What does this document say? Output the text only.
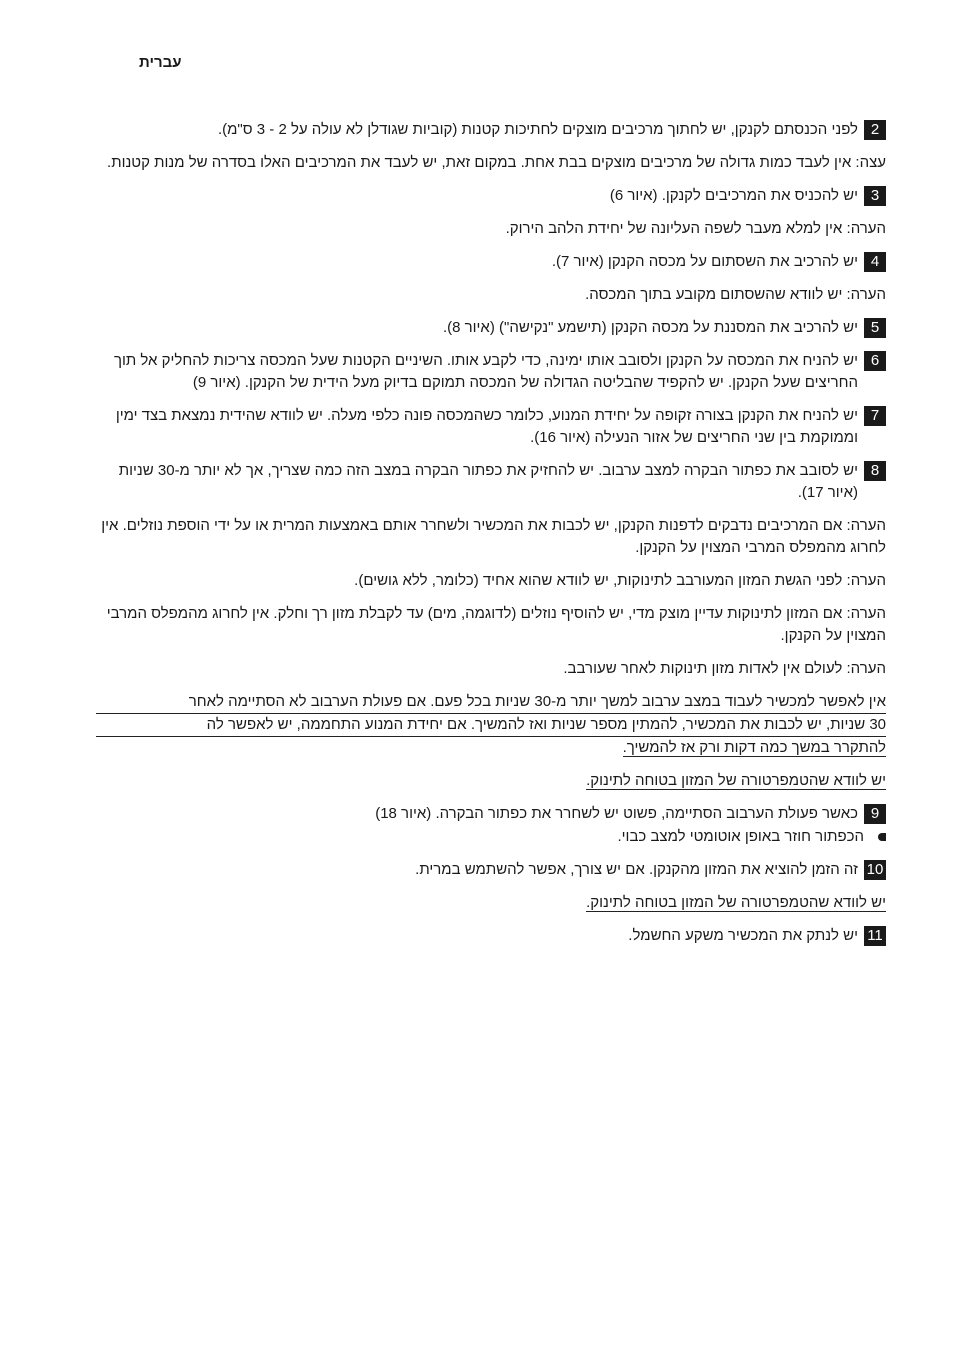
עברית
2
לפני הכנסתם לקנקן, יש לחתוך מרכיבים מוצקים לחתיכות קטנות (קוביות שגודלן לא עולה על 2 - 3 ס"מ).
עצה: אין לעבד כמות גדולה של מרכיבים מוצקים בבת אחת. במקום זאת, יש לעבד את המרכיבים האלו בסדרה של מנות קטנות.
3
יש להכניס את המרכיבים לקנקן. (איור 6)
הערה: אין למלא מעבר לשפה העליונה של יחידת הלהב הירוק.
4
יש להרכיב את השסתום על מכסה הקנקן (איור 7).
הערה: יש לוודא שהשסתום מקובע בתוך המכסה.
5
יש להרכיב את המסננת על מכסה הקנקן (תישמע "נקישה") (איור 8).
6
יש להניח את המכסה על הקנקן ולסובב אותו ימינה, כדי לקבע אותו. השיניים הקטנות שעל המכסה צריכות להחליק אל תוך החריצים שעל הקנקן. יש להקפיד שהבליטה הגדולה של המכסה תמוקם בדיוק מעל הידית של הקנקן. (איור 9)
7
יש להניח את הקנקן בצורה זקופה על יחידת המנוע, כלומר כשהמכסה פונה כלפי מעלה. יש לוודא שהידית נמצאת בצד ימין וממוקמת בין שני החריצים של אזור הנעילה (איור 16).
8
יש לסובב את כפתור הבקרה למצב ערבוב. יש להחזיק את כפתור הבקרה במצב הזה כמה שצריך, אך לא יותר מ-30 שניות (איור 17).
הערה: אם המרכיבים נדבקים לדפנות הקנקן, יש לכבות את המכשיר ולשחרר אותם באמצעות המרית או על ידי הוספת נוזלים. אין לחרוג מהמפלס המרבי המצוין על הקנקן.
הערה: לפני הגשת המזון המעורבב לתינוקות, יש לוודא שהוא אחיד (כלומר, ללא גושים).
הערה: אם המזון לתינוקות עדיין מוצק מדי, יש להוסיף נוזלים (לדוגמה, מים) עד לקבלת מזון רך וחלק. אין לחרוג מהמפלס המרבי המצוין על הקנקן.
הערה: לעולם אין לאדות מזון תינוקות לאחר שעורבב.
אין לאפשר למכשיר לעבוד במצב ערבוב למשך יותר מ-30 שניות בכל פעם. אם פעולת הערבוב לא הסתיימה לאחר
30 שניות, יש לכבות את המכשיר, להמתין מספר שניות ואז להמשיך. אם יחידת המנוע התחממה, יש לאפשר לה
להתקרר במשך כמה דקות ורק אז להמשיך.
יש לוודא שהטמפרטורה של המזון בטוחה לתינוק.
9
כאשר פעולת הערבוב הסתיימה, פשוט יש לשחרר את כפתור הבקרה. (איור 18)
הכפתור חוזר באופן אוטומטי למצב כבוי.
10
זה הזמן להוציא את המזון מהקנקן. אם יש צורך, אפשר להשתמש במרית.
יש לוודא שהטמפרטורה של המזון בטוחה לתינוק.
11
יש לנתק את המכשיר משקע החשמל.
